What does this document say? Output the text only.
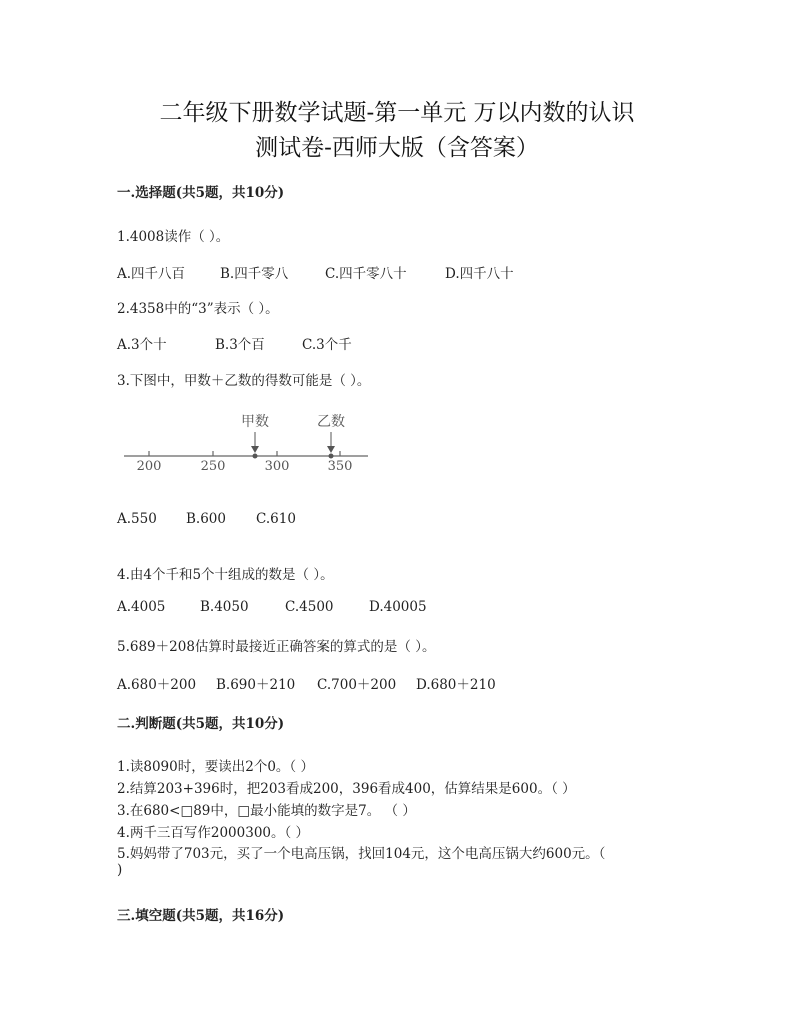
二年级下册数学试题-第一单元 万以内数的认识
测试卷-西师大版（含答案）
一.选择题(共5题，共10分)
1.4008读作（ ）。
A.四千八百	B.四千零八	C.四千零八十	D.四千八十
2.4358中的“3”表示（ ）。
A.3个十	B.3个百	C.3个千
3.下图中，甲数＋乙数的得数可能是（ ）。
甲数	乙数
200	250	300	350
A.550 B.600 C.610
4.由4个千和5个十组成的数是（ ）。
A.4005	B.4050	C.4500	D.40005
5.689＋208估算时最接近正确答案的算式的是（ ）。
A.680＋200 B.690＋210 C.700＋200 D.680＋210
二.判断题(共5题，共10分)
1.读8090时，要读出2个0。（ ）
2.结算203+396时，把203看成200，396看成400，估算结果是600。（ ）
3.在680<□89中，□最小能填的数字是7。 （ ）
4.两千三百写作2000300。（ ）
5.妈妈带了703元，买了一个电高压锅，找回104元，这个电高压锅大约600元。（
)
三.填空题(共5题，共16分)
